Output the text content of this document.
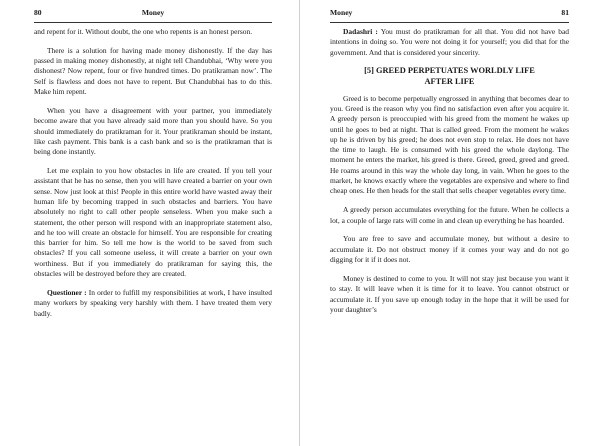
80	Money

and repent for it. Without doubt, the one who repents is an honest person.

There is a solution for having made money dishonestly. If the day has passed in making money dishonestly, at night tell Chandubhai, ‘Why were you dishonest? Now repent, four or five hundred times. Do pratikraman now’. The Self is flawless and does not have to repent. But Chandubhai has to do this. Make him repent.

When you have a disagreement with your partner, you immediately become aware that you have already said more than you should have. So you should immediately do pratikraman for it. Your pratikraman should be instant, like cash payment. This bank is a cash bank and so is the pratikraman that is being done instantly.

Let me explain to you how obstacles in life are created. If you tell your assistant that he has no sense, then you will have created a barrier on your own sense. Now just look at this! People in this entire world have wasted away their human life by becoming trapped in such obstacles and barriers. You have absolutely no right to call other people senseless. When you make such a statement, the other person will respond with an inappropriate statement also, and he too will create an obstacle for himself. You are responsible for creating this barrier for him. So tell me how is the world to be saved from such obstacles? If you call someone useless, it will create a barrier on your own worthiness. But if you immediately do pratikraman for saying this, the obstacles will be destroyed before they are created.

Questioner : In order to fulfill my responsibilities at work, I have insulted many workers by speaking very harshly with them. I have treated them very badly.

Money	81

Dadashri : You must do pratikraman for all that. You did not have bad intentions in doing so. You were not doing it for yourself; you did that for the government. And that is considered your sincerity.

[5] GREED PERPETUATES WORLDLY LIFE
AFTER LIFE

Greed is to become perpetually engrossed in anything that becomes dear to you. Greed is the reason why you find no satisfaction even after you acquire it. A greedy person is preoccupied with his greed from the moment he wakes up until he goes to bed at night. That is called greed. From the moment he wakes up he is driven by his greed; he does not even stop to relax. He does not have the time to laugh. He is consumed with his greed the whole daylong. The moment he enters the market, his greed is there. Greed, greed, greed and greed. He roams around in this way the whole day long, in vain. When he goes to the market, he knows exactly where the vegetables are expensive and where to find cheap ones. He then heads for the stall that sells cheaper vegetables every time.

A greedy person accumulates everything for the future. When he collects a lot, a couple of large rats will come in and clean up everything he has hoarded.

You are free to save and accumulate money, but without a desire to accumulate it. Do not obstruct money if it comes your way and do not go digging for it if it does not.

Money is destined to come to you. It will not stay just because you want it to stay. It will leave when it is time for it to leave. You cannot obstruct or accumulate it. If you save up enough today in the hope that it will be used for your daughter’s
